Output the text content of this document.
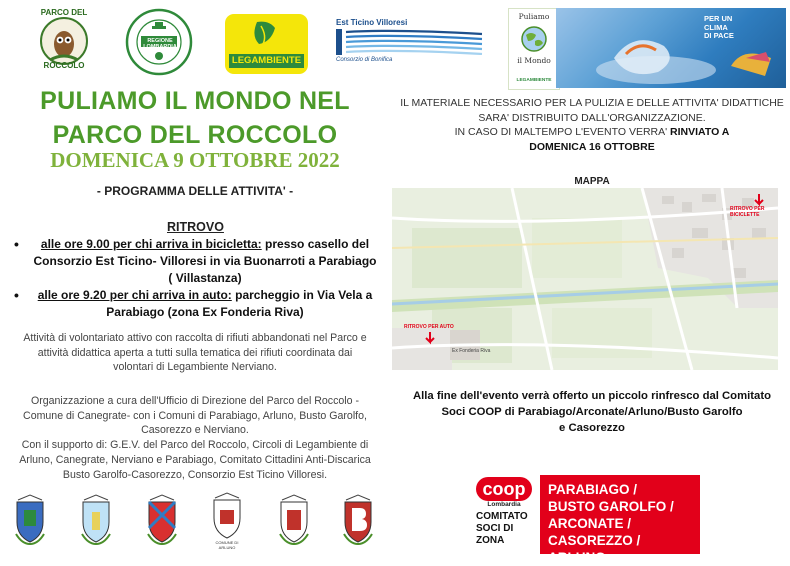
PARCO DEL
ROCCOLO
REGIONE LOMBARDIA
LEGAMBIENTE
Est Ticino Villoresi
Consorzio di Bonifica
Puliamo
il Mondo
LEGAMBIENTE
PER UN
CLIMA
DI PACE
PULIAMO IL MONDO NEL
PARCO DEL ROCCOLO
DOMENICA 9 OTTOBRE 2022
- PROGRAMMA DELLE ATTIVITA' -
RITROVO
• alle ore 9.00 per chi arriva in bicicletta: presso casello del
Consorzio Est Ticino- Villoresi in via Buonarroti a Parabiago
( Villastanza)
• alle ore 9.20 per chi arriva in auto: parcheggio in Via Vela a
Parabiago (zona Ex Fonderia Riva)
Attività di volontariato attivo con raccolta di rifiuti abbandonati nel Parco e
attività didattica aperta a tutti sulla tematica dei rifiuti coordinata dai
volontari di Legambiente Nerviano.
Organizzazione a cura dell'Ufficio di Direzione del Parco del Roccolo -
Comune di Canegrate- con i Comuni di Parabiago, Arluno, Busto Garolfo,
Casorezzo e Nerviano.
Con il supporto di: G.E.V. del Parco del Roccolo, Circoli di Legambiente di
Arluno, Canegrate, Nerviano e Parabiago, Comitato Cittadini Anti-Discarica
Busto Garolfo-Casorezzo, Consorzio Est Ticino Villoresi.
COMUNE DI ARLUNO
IL MATERIALE NECESSARIO PER LA PULIZIA E DELLE ATTIVITA' DIDATTICHE
SARA' DISTRIBUITO DALL'ORGANIZZAZIONE.
IN CASO DI MALTEMPO L'EVENTO VERRA' RINVIATO A
DOMENICA 16 OTTOBRE
MAPPA
RITROVO PER
BICICLETTE
RITROVO PER AUTO
Ex Fonderia Riva
Alla fine dell'evento verrà offerto un piccolo rinfresco dal Comitato
Soci COOP di Parabiago/Arconate/Arluno/Busto Garolfo
e Casorezzo
coop
Lombardia
COMITATO
SOCI DI
ZONA
PARABIAGO /
BUSTO GAROLFO /
ARCONATE /
CASOREZZO / ARLUNO
